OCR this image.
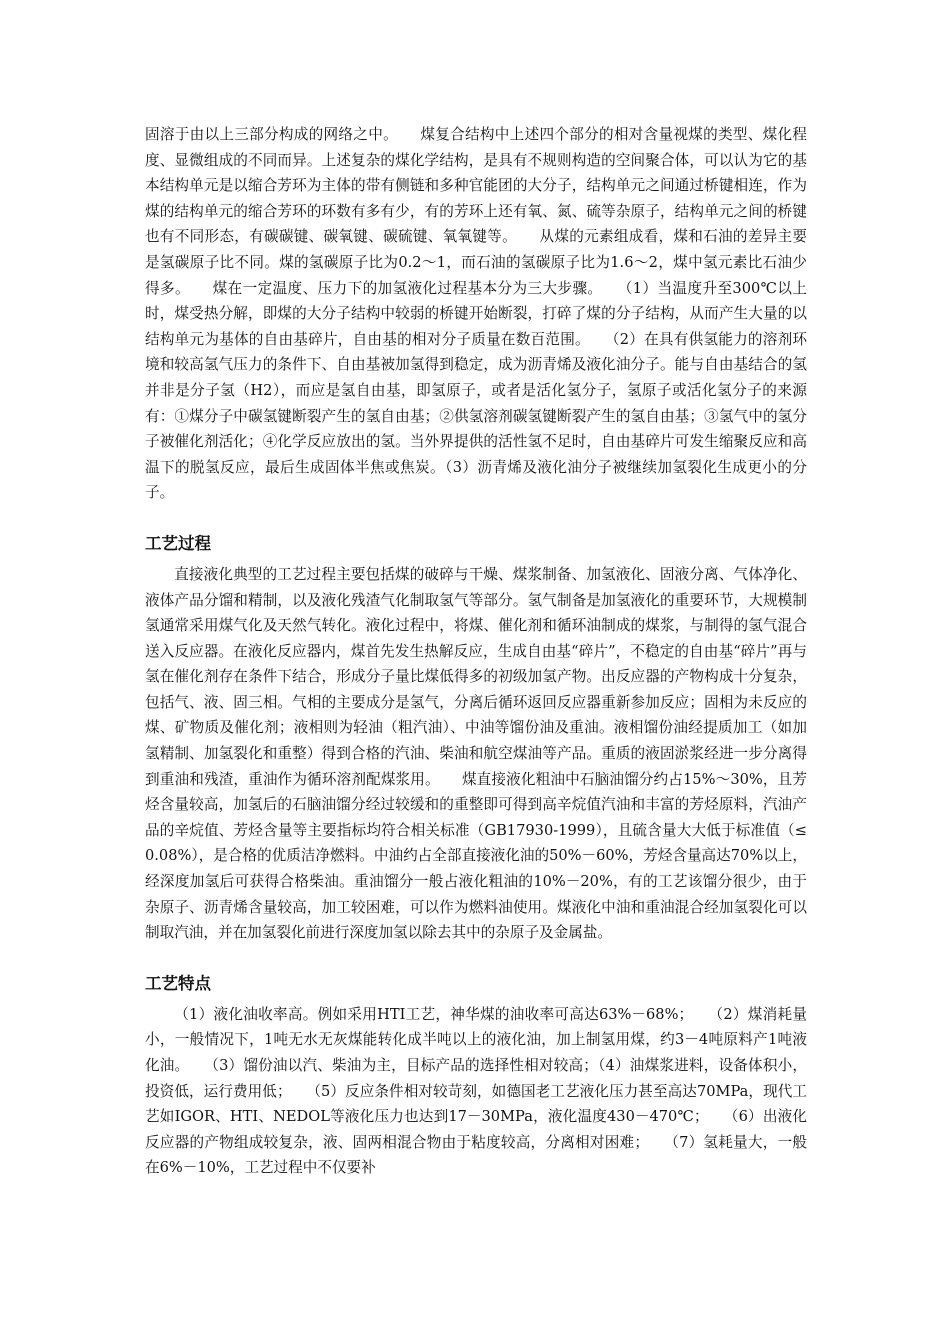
固溶于由以上三部分构成的网络之中。　　煤复合结构中上述四个部分的相对含量视煤的类型、煤化程度、显微组成的不同而异。上述复杂的煤化学结构，是具有不规则构造的空间聚合体，可以认为它的基本结构单元是以缩合芳环为主体的带有侧链和多种官能团的大分子，结构单元之间通过桥键相连，作为煤的结构单元的缩合芳环的环数有多有少，有的芳环上还有氧、氮、硫等杂原子，结构单元之间的桥键也有不同形态，有碳碳键、碳氧键、碳硫键、氧氧键等。　　从煤的元素组成看，煤和石油的差异主要是氢碳原子比不同。煤的氢碳原子比为0.2～1，而石油的氢碳原子比为1.6～2，煤中氢元素比石油少得多。　　煤在一定温度、压力下的加氢液化过程基本分为三大步骤。　　（1）当温度升至300℃以上时，煤受热分解，即煤的大分子结构中较弱的桥键开始断裂，打碎了煤的分子结构，从而产生大量的以结构单元为基体的自由基碎片，自由基的相对分子质量在数百范围。　　（2）在具有供氢能力的溶剂环境和较高氢气压力的条件下、自由基被加氢得到稳定，成为沥青烯及液化油分子。能与自由基结合的氢并非是分子氢（H2），而应是氢自由基，即氢原子，或者是活化氢分子，氢原子或活化氢分子的来源有：①煤分子中碳氢键断裂产生的氢自由基；②供氢溶剂碳氢键断裂产生的氢自由基；③氢气中的氢分子被催化剂活化；④化学反应放出的氢。当外界提供的活性氢不足时，自由基碎片可发生缩聚反应和高温下的脱氢反应，最后生成固体半焦或焦炭。（3）沥青烯及液化油分子被继续加氢裂化生成更小的分子。

工艺过程

直接液化典型的工艺过程主要包括煤的破碎与干燥、煤浆制备、加氢液化、固液分离、气体净化、液体产品分馏和精制，以及液化残渣气化制取氢气等部分。氢气制备是加氢液化的重要环节，大规模制氢通常采用煤气化及天然气转化。液化过程中，将煤、催化剂和循环油制成的煤浆，与制得的氢气混合送入反应器。在液化反应器内，煤首先发生热解反应，生成自由基“碎片”，不稳定的自由基“碎片”再与氢在催化剂存在条件下结合，形成分子量比煤低得多的初级加氢产物。出反应器的产物构成十分复杂，包括气、液、固三相。气相的主要成分是氢气，分离后循环返回反应器重新参加反应；固相为未反应的煤、矿物质及催化剂；液相则为轻油（粗汽油）、中油等馏份油及重油。液相馏份油经提质加工（如加氢精制、加氢裂化和重整）得到合格的汽油、柴油和航空煤油等产品。重质的液固淤浆经进一步分离得到重油和残渣，重油作为循环溶剂配煤浆用。　　煤直接液化粗油中石脑油馏分约占15%～30%，且芳烃含量较高，加氢后的石脑油馏分经过较缓和的重整即可得到高辛烷值汽油和丰富的芳烃原料，汽油产品的辛烷值、芳烃含量等主要指标均符合相关标准（GB17930-1999），且硫含量大大低于标准值（≤0.08%），是合格的优质洁净燃料。中油约占全部直接液化油的50%－60%，芳烃含量高达70%以上，经深度加氢后可获得合格柴油。重油馏分一般占液化粗油的10%－20%，有的工艺该馏分很少，由于杂原子、沥青烯含量较高，加工较困难，可以作为燃料油使用。煤液化中油和重油混合经加氢裂化可以制取汽油，并在加氢裂化前进行深度加氢以除去其中的杂原子及金属盐。

工艺特点

（1）液化油收率高。例如采用HTI工艺，神华煤的油收率可高达63%－68%；　　（2）煤消耗量小，一般情况下，1吨无水无灰煤能转化成半吨以上的液化油，加上制氢用煤，约3－4吨原料产1吨液化油。　　（3）馏份油以汽、柴油为主，目标产品的选择性相对较高；（4）油煤浆进料，设备体积小，投资低，运行费用低；　　（5）反应条件相对较苛刻，如德国老工艺液化压力甚至高达70MPa，现代工艺如IGOR、HTI、NEDOL等液化压力也达到17－30MPa，液化温度430－470℃；　　（6）出液化反应器的产物组成较复杂，液、固两相混合物由于粘度较高，分离相对困难；　　（7）氢耗量大，一般在6%－10%，工艺过程中不仅要补
